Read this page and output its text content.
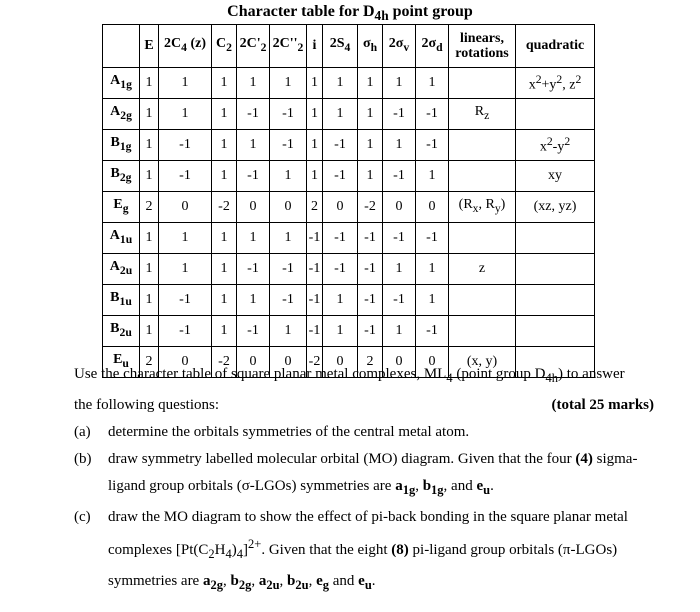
Character table for $D_{4h}$ point group
	E	$2C_4$ (z)	$C_2$	$2C'_2$	$2C''_2$	i	$2S_4$	$\sigma_h$	$2\sigma_v$	$2\sigma_d$	linears,
rotations	quadratic
$A_{1g}$	1	1	1	1	1	1	1	1	1	1		$x^2+y^2$, $z^2$
$A_{2g}$	1	1	1	-1	-1	1	1	1	-1	-1	$R_z$	
$B_{1g}$	1	-1	1	1	-1	1	-1	1	1	-1		$x^2-y^2$
$B_{2g}$	1	-1	1	-1	1	1	-1	1	-1	1		xy
$E_g$	2	0	-2	0	0	2	0	-2	0	0	($R_x$, $R_y$)	(xz, yz)
$A_{1u}$	1	1	1	1	1	-1	-1	-1	-1	-1		
$A_{2u}$	1	1	1	-1	-1	-1	-1	-1	1	1	z	
$B_{1u}$	1	-1	1	1	-1	-1	1	-1	-1	1		
$B_{2u}$	1	-1	1	-1	1	-1	1	-1	1	-1		
$E_u$	2	0	-2	0	0	-2	0	2	0	0	(x, y)	
Use the character table of square planar metal complexes, $ML_4$ (point group $D_{4h}$) to answer
the following questions:	(total 25 marks)
(a)	determine the orbitals symmetries of the central metal atom.
(b)	draw symmetry labelled molecular orbital (MO) diagram. Given that the four (4) sigma-ligand group orbitals (σ-LGOs) symmetries are $a_{1g}$, $b_{1g}$, and $e_u$.
(c)	draw the MO diagram to show the effect of pi-back bonding in the square planar metal complexes $[Pt(C_2H_4)_4]^{2+}$. Given that the eight (8) pi-ligand group orbitals (π-LGOs) symmetries are $a_{2g}$, $b_{2g}$, $a_{2u}$, $b_{2u}$, $e_g$ and $e_u$.
